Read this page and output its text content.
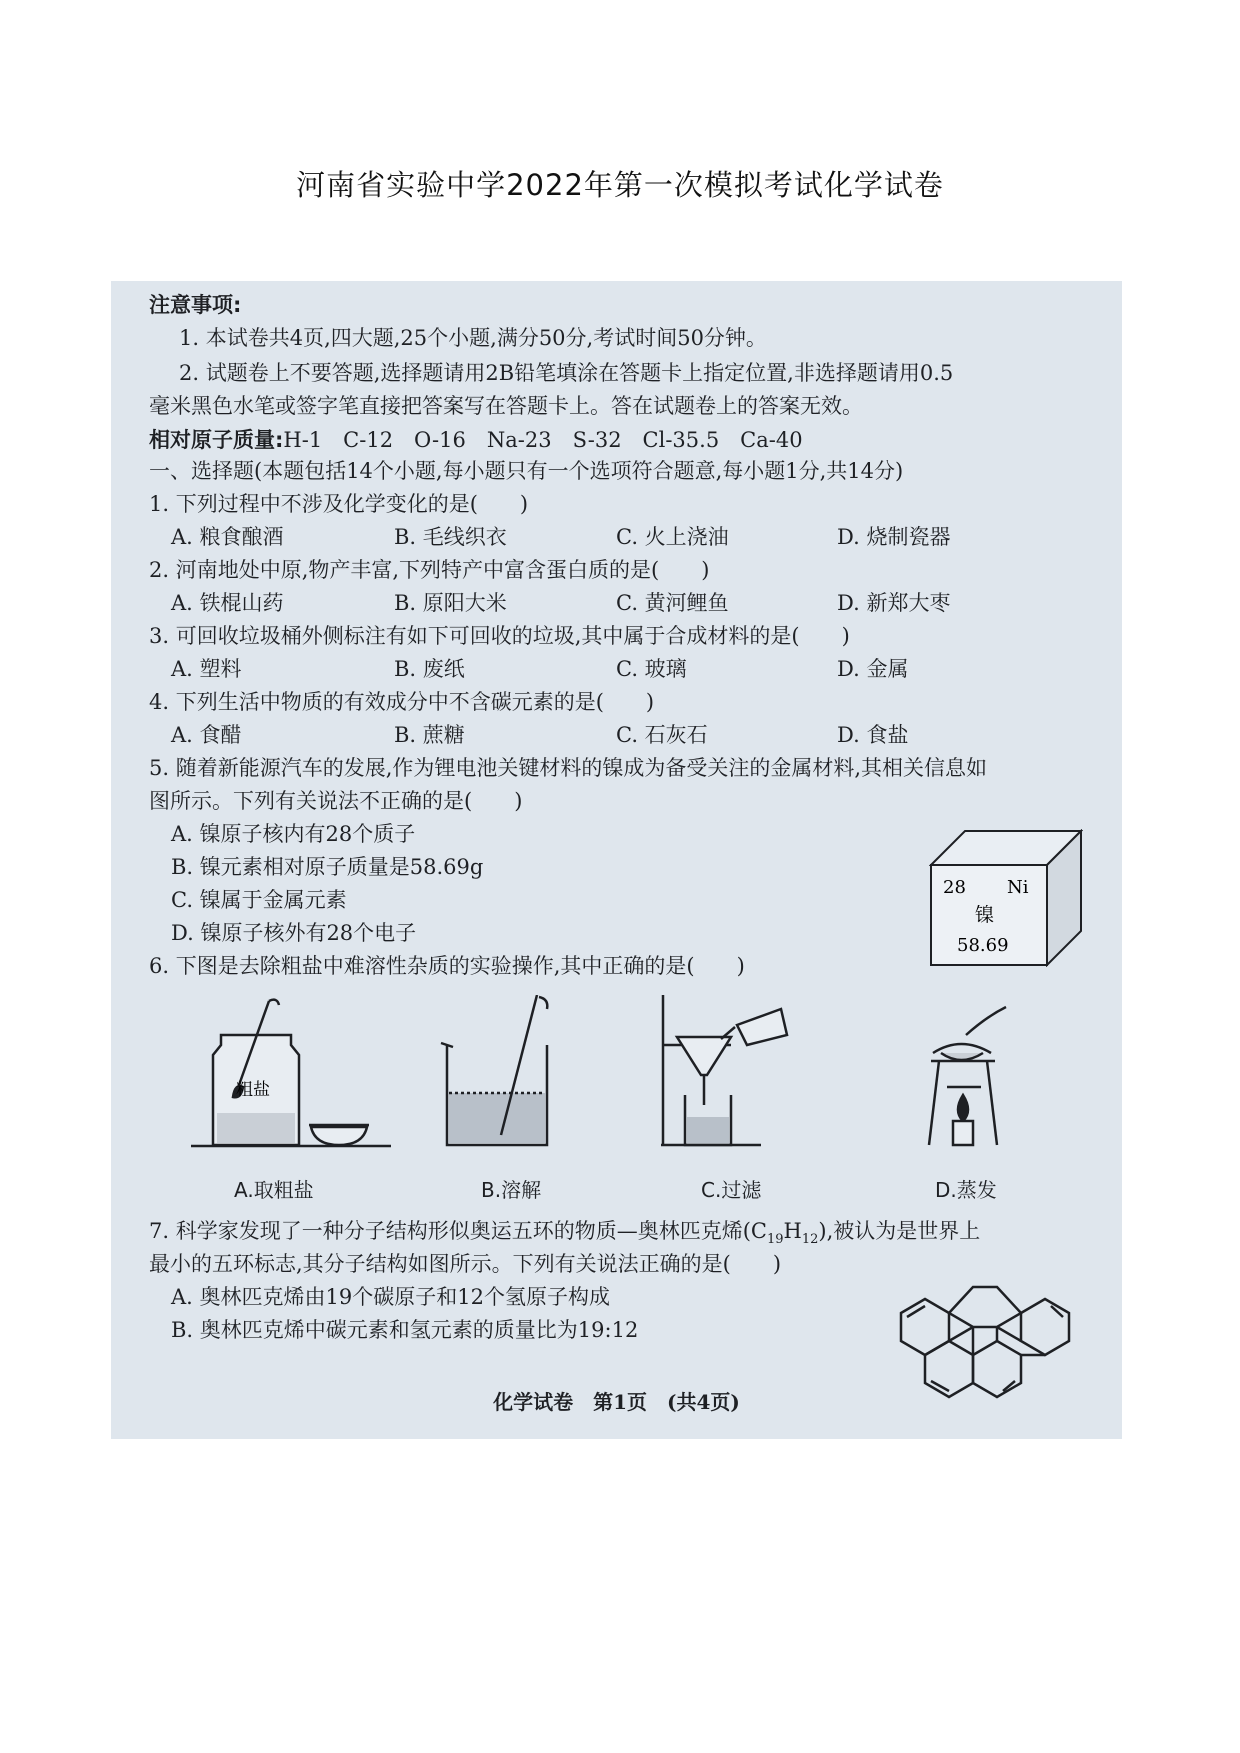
河南省实验中学2022年第一次模拟考试化学试卷
注意事项:
1. 本试卷共4页,四大题,25个小题,满分50分,考试时间50分钟。
2. 试题卷上不要答题,选择题请用2B铅笔填涂在答题卡上指定位置,非选择题请用0.5
毫米黑色水笔或签字笔直接把答案写在答题卡上。答在试题卷上的答案无效。
相对原子质量:H-1　C-12　O-16　Na-23　S-32　Cl-35.5　Ca-40
一、选择题(本题包括14个小题,每小题只有一个选项符合题意,每小题1分,共14分)
1. 下列过程中不涉及化学变化的是(　　)
A. 粮食酿酒	B. 毛线织衣	C. 火上浇油	D. 烧制瓷器
2. 河南地处中原,物产丰富,下列特产中富含蛋白质的是(　　)
A. 铁棍山药	B. 原阳大米	C. 黄河鲤鱼	D. 新郑大枣
3. 可回收垃圾桶外侧标注有如下可回收的垃圾,其中属于合成材料的是(　　)
A. 塑料	B. 废纸	C. 玻璃	D. 金属
4. 下列生活中物质的有效成分中不含碳元素的是(　　)
A. 食醋	B. 蔗糖	C. 石灰石	D. 食盐
5. 随着新能源汽车的发展,作为锂电池关键材料的镍成为备受关注的金属材料,其相关信息如
图所示。下列有关说法不正确的是(　　)
A. 镍原子核内有28个质子
B. 镍元素相对原子质量是58.69g
C. 镍属于金属元素
D. 镍原子核外有28个电子
28 Ni
镍
58.69
6. 下图是去除粗盐中难溶性杂质的实验操作,其中正确的是(　　)
粗盐
A.取粗盐	B.溶解	C.过滤	D.蒸发
7. 科学家发现了一种分子结构形似奥运五环的物质—奥林匹克烯$(C_{19}H_{12})$,被认为是世界上
最小的五环标志,其分子结构如图所示。下列有关说法正确的是(　　)
A. 奥林匹克烯由19个碳原子和12个氢原子构成
B. 奥林匹克烯中碳元素和氢元素的质量比为19:12
化学试卷　第1页　(共4页)
